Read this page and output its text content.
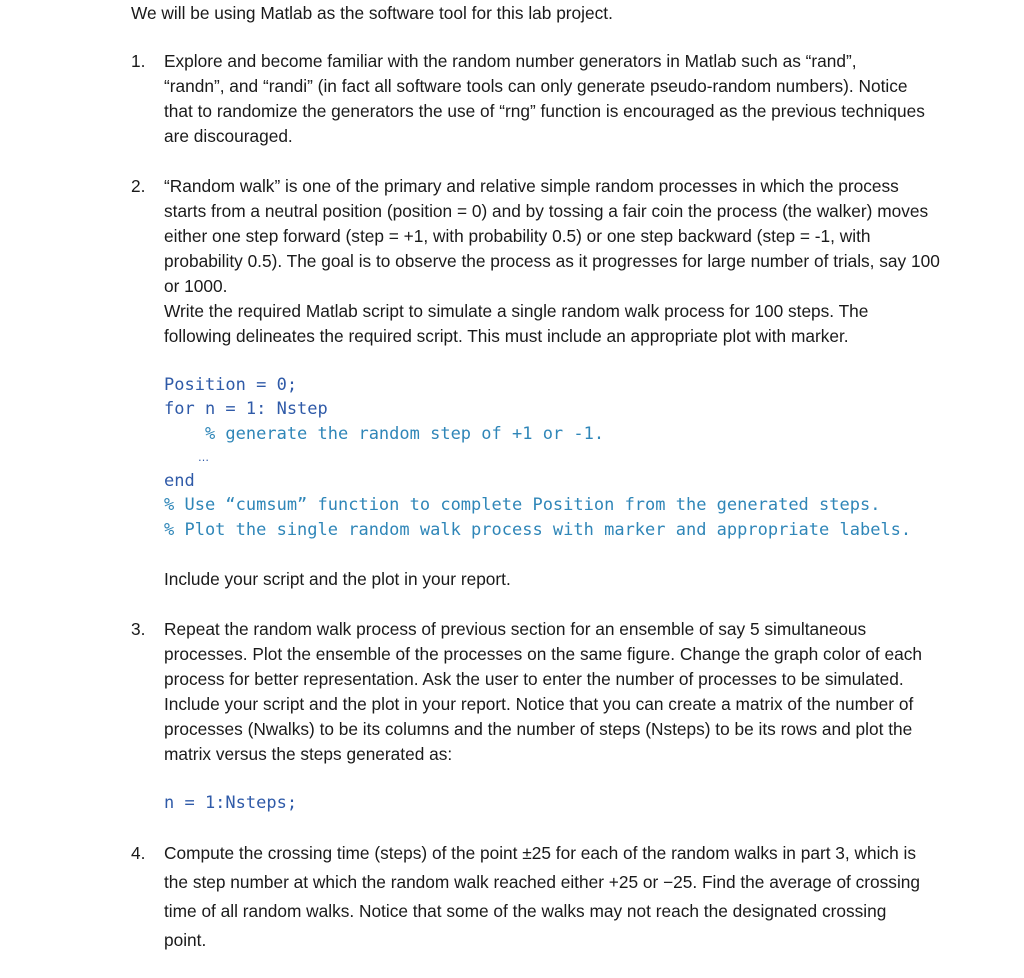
We will be using Matlab as the software tool for this lab project.
1. Explore and become familiar with the random number generators in Matlab such as “rand”,
“randn”, and “randi” (in fact all software tools can only generate pseudo-random numbers). Notice
that to randomize the generators the use of “rng” function is encouraged as the previous techniques
are discouraged.
2. “Random walk” is one of the primary and relative simple random processes in which the process
starts from a neutral position (position = 0) and by tossing a fair coin the process (the walker) moves
either one step forward (step = +1, with probability 0.5) or one step backward (step = -1, with
probability 0.5). The goal is to observe the process as it progresses for large number of trials, say 100
or 1000.
Write the required Matlab script to simulate a single random walk process for 100 steps. The
following delineates the required script. This must include an appropriate plot with marker.
Position = 0;
for n = 1: Nstep
% generate the random step of +1 or -1.
…
end
% Use “cumsum” function to complete Position from the generated steps.
% Plot the single random walk process with marker and appropriate labels.
Include your script and the plot in your report.
3. Repeat the random walk process of previous section for an ensemble of say 5 simultaneous
processes. Plot the ensemble of the processes on the same figure. Change the graph color of each
process for better representation. Ask the user to enter the number of processes to be simulated.
Include your script and the plot in your report. Notice that you can create a matrix of the number of
processes (Nwalks) to be its columns and the number of steps (Nsteps) to be its rows and plot the
matrix versus the steps generated as:
n = 1:Nsteps;
4. Compute the crossing time (steps) of the point ±25 for each of the random walks in part 3, which is
the step number at which the random walk reached either +25 or −25. Find the average of crossing
time of all random walks. Notice that some of the walks may not reach the designated crossing
point.
